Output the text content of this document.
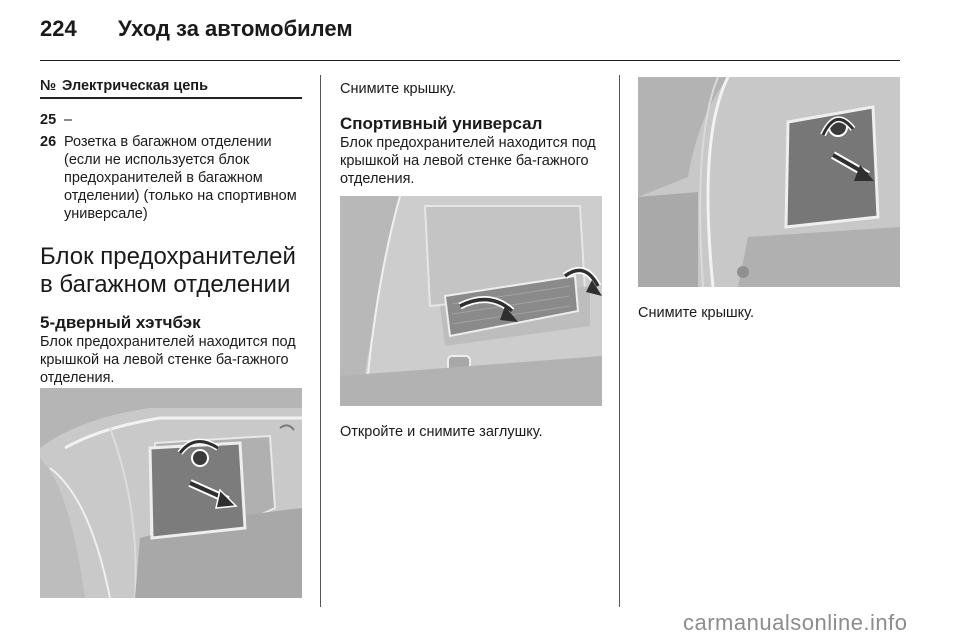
224 Уход за автомобилем
№ Электрическая цепь
25 –
26 Розетка в багажном отделении (если не используется блок предохранителей в багажном отделении) (только на спортивном универсале)
Блок предохранителей
в багажном отделении
5-дверный хэтчбэк

Блок предохранителей находится под крышкой на левой стенке ба-гажного отделения.

Снимите крышку.

Спортивный универсал

Блок предохранителей находится под крышкой на левой стенке ба-гажного отделения.

Откройте и снимите заглушку.

Снимите крышку.

carmanualsonline.info
